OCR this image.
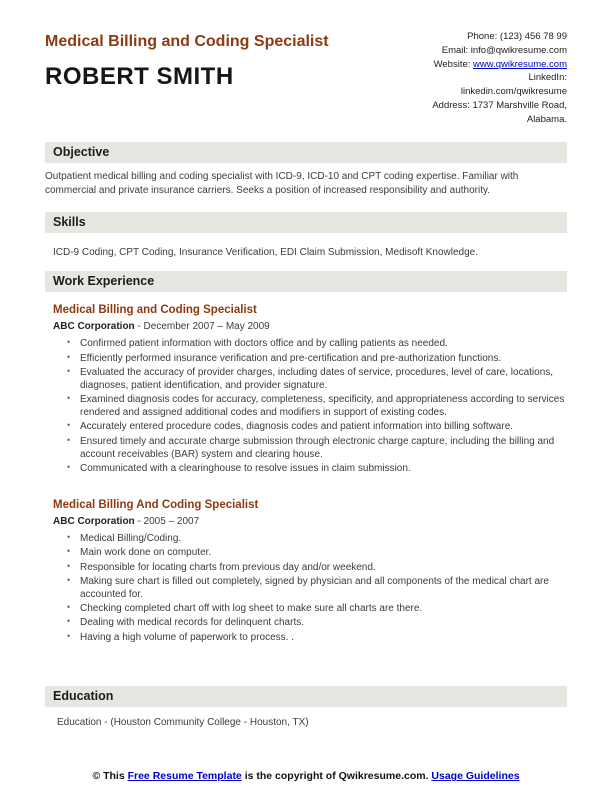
Medical Billing and Coding Specialist
ROBERT SMITH
Phone: (123) 456 78 99
Email: info@qwikresume.com
Website: www.qwikresume.com
LinkedIn:
linkedin.com/qwikresume
Address: 1737 Marshville Road,
Alabama.
Objective
Outpatient medical billing and coding specialist with ICD-9, ICD-10 and CPT coding expertise. Familiar with commercial and private insurance carriers. Seeks a position of increased responsibility and authority.
Skills
ICD-9 Coding, CPT Coding, Insurance Verification, EDI Claim Submission, Medisoft Knowledge.
Work Experience
Medical Billing and Coding Specialist
ABC Corporation - December 2007 – May 2009
• Confirmed patient information with doctors office and by calling patients as needed.
• Efficiently performed insurance verification and pre-certification and pre-authorization functions.
• Evaluated the accuracy of provider charges, including dates of service, procedures, level of care, locations, diagnoses, patient identification, and provider signature.
• Examined diagnosis codes for accuracy, completeness, specificity, and appropriateness according to services rendered and assigned additional codes and modifiers in support of existing codes.
• Accurately entered procedure codes, diagnosis codes and patient information into billing software.
• Ensured timely and accurate charge submission through electronic charge capture, including the billing and account receivables (BAR) system and clearing house.
• Communicated with a clearinghouse to resolve issues in claim submission.
Medical Billing And Coding Specialist
ABC Corporation - 2005 – 2007
• Medical Billing/Coding.
• Main work done on computer.
• Responsible for locating charts from previous day and/or weekend.
• Making sure chart is filled out completely, signed by physician and all components of the medical chart are accounted for.
• Checking completed chart off with log sheet to make sure all charts are there.
• Dealing with medical records for delinquent charts.
• Having a high volume of paperwork to process. .
Education
Education - (Houston Community College - Houston, TX)
© This Free Resume Template is the copyright of Qwikresume.com. Usage Guidelines
